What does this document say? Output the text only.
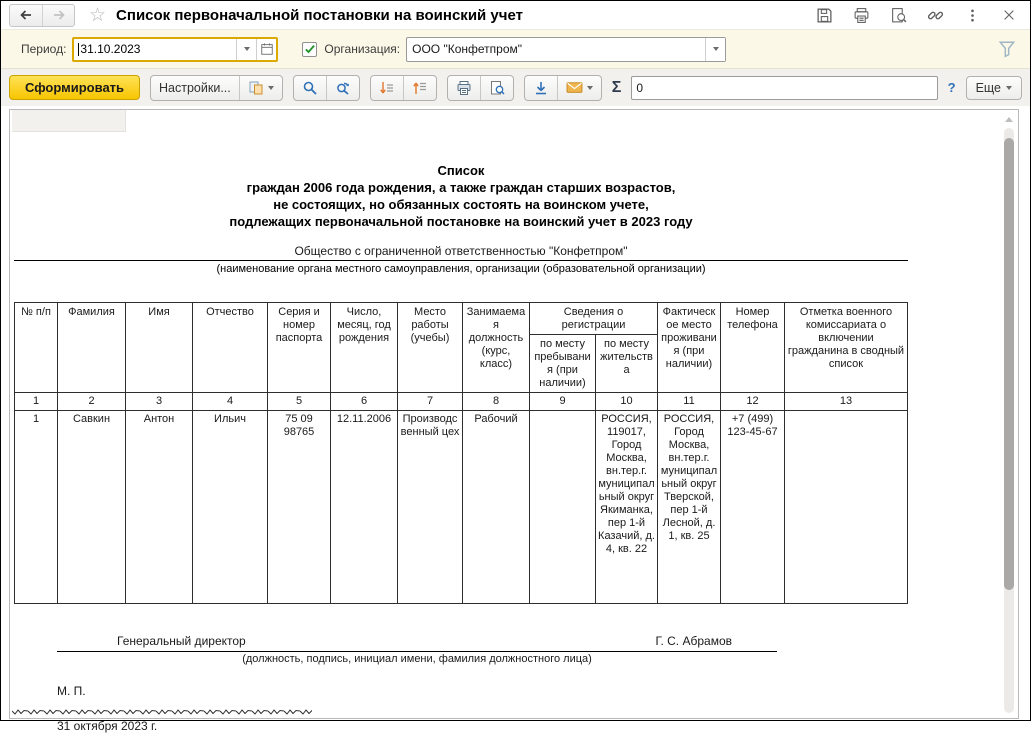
☆ Список первоначальной постановки на воинский учет
Период: 31.10.2023	Организация:	ООО "Конфетпром"
Сформировать	Настройки...	Σ	0	? Еще
Список
граждан 2006 года рождения, а также граждан старших возрастов,
не состоящих, но обязанных состоять на воинском учете,
подлежащих первоначальной постановке на воинский учет в 2023 году
Общество с ограниченной ответственностью "Конфетпром"
(наименование органа местного самоуправления, организации (образовательной организации)
№ п/п	Фамилия	Имя	Отчество	Серия и номер паспорта	Число, месяц, год рождения	Место работы (учебы)	Занимаемая должность (курс, класс)	Сведения о регистрации		Фактическое место проживания (при наличии)	Номер телефона	Отметка военного комиссариата о включении гражданина в сводный список
								по месту пребывания (при наличии)	по месту жительства			
1	2	3	4	5	6	7	8	9	10	11	12	13
1	Савкин	Антон	Ильич	75 09 98765	12.11.2006	Производсвенный цех	Рабочий		РОССИЯ, 119017, Город Москва, вн.тер.г. муниципальный округ Якиманка, пер 1-й Казачий, д. 4, кв. 22	РОССИЯ, Город Москва, вн.тер.г. муниципальный округ Тверской, пер 1-й Лесной, д. 1, кв. 25	+7 (499) 123-45-67	
Генеральный директор	Г. С. Абрамов
(должность, подпись, инициал имени, фамилия должностного лица)
М. П.
31 октября 2023 г.
